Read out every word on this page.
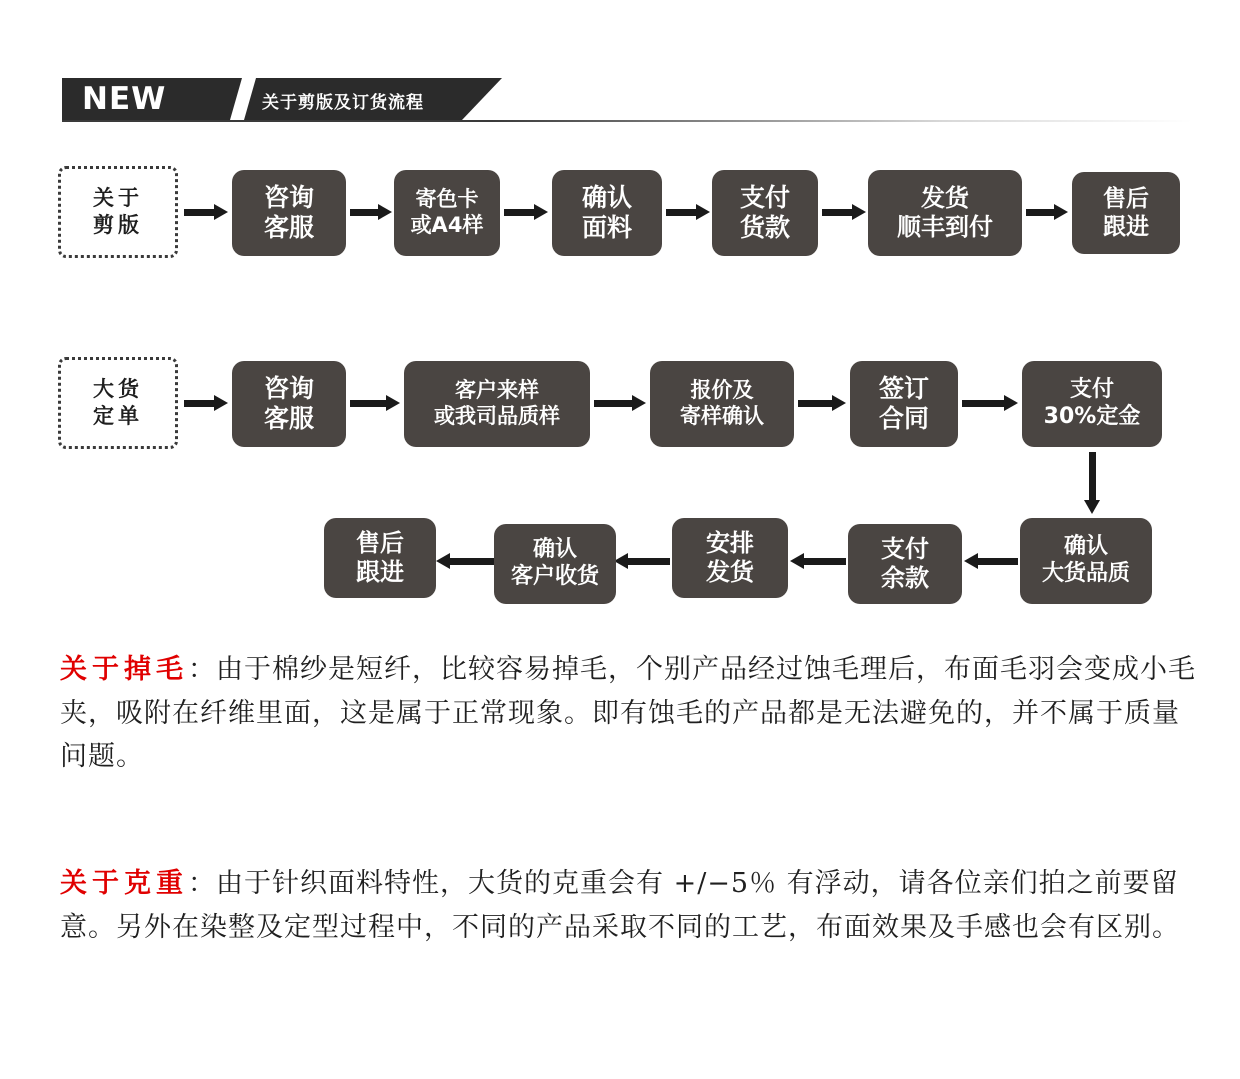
NEW	关于剪版及订货流程
关于
剪版
咨询
客服
寄色卡
或A4样
确认
面料
支付
货款
发货
顺丰到付
售后
跟进
大货
定单
咨询
客服
客户来样
或我司品质样
报价及
寄样确认
签订
合同
支付
30%定金
确认
大货品质
支付
余款
安排
发货
确认
客户收货
售后
跟进
关于掉毛：由于棉纱是短纤，比较容易掉毛，个别产品经过蚀毛理后，布面毛羽会变成小毛夹，吸附在纤维里面，这是属于正常现象。即有蚀毛的产品都是无法避免的，并不属于质量问题。
关于克重：由于针织面料特性，大货的克重会有 +/−5％ 有浮动，请各位亲们拍之前要留意。另外在染整及定型过程中，不同的产品采取不同的工艺，布面效果及手感也会有区别。
